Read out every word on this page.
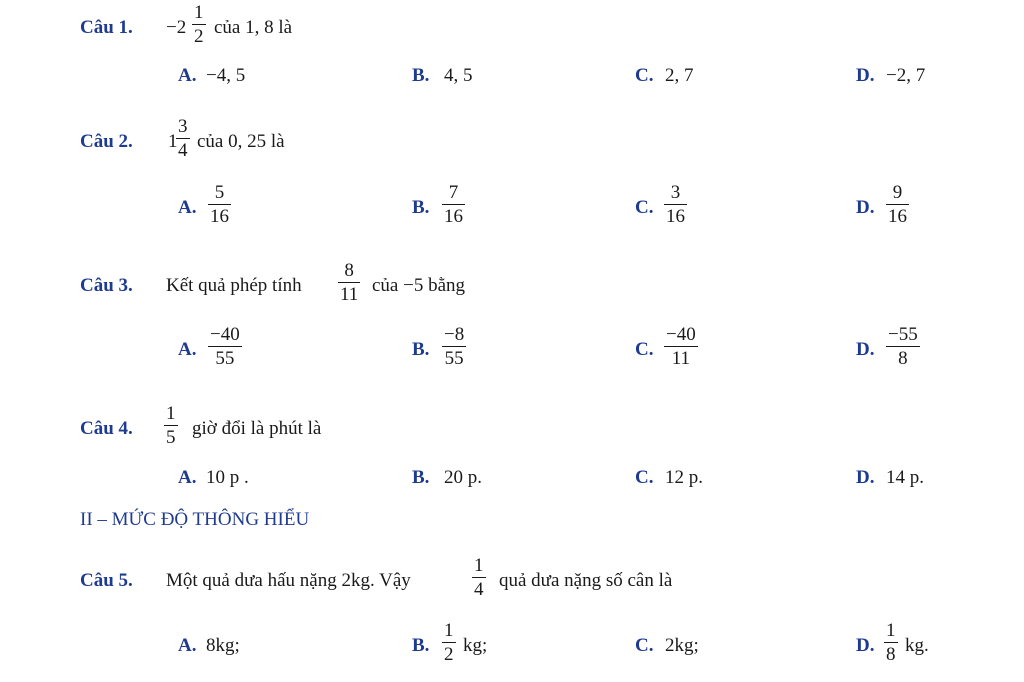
Câu 1. −2
1
2 của 1, 8 là
A. −4, 5	B. 4, 5	C. 2, 7	D. −2, 7
Câu 2. 1
3
4 của 0, 25 là
A.
5
16	B.
7
16	C.
3
16	D.
9
16
Câu 3. Kết quả phép tính
8
11 của −5 bằng
A.
−40
55	B.
−8
55	C.
−40
11	D.
−55
8
Câu 4.
1
5 giờ đổi là phút là
A. 10 p .	B. 20 p.	C. 12 p.	D. 14 p.
II – MỨC ĐỘ THÔNG HIỂU
Câu 5. Một quả dưa hấu nặng 2kg. Vậy
1
4 quả dưa nặng số cân là
A. 8kg;	B.
1
2 kg;	C. 2kg;	D.
1
8 kg.
